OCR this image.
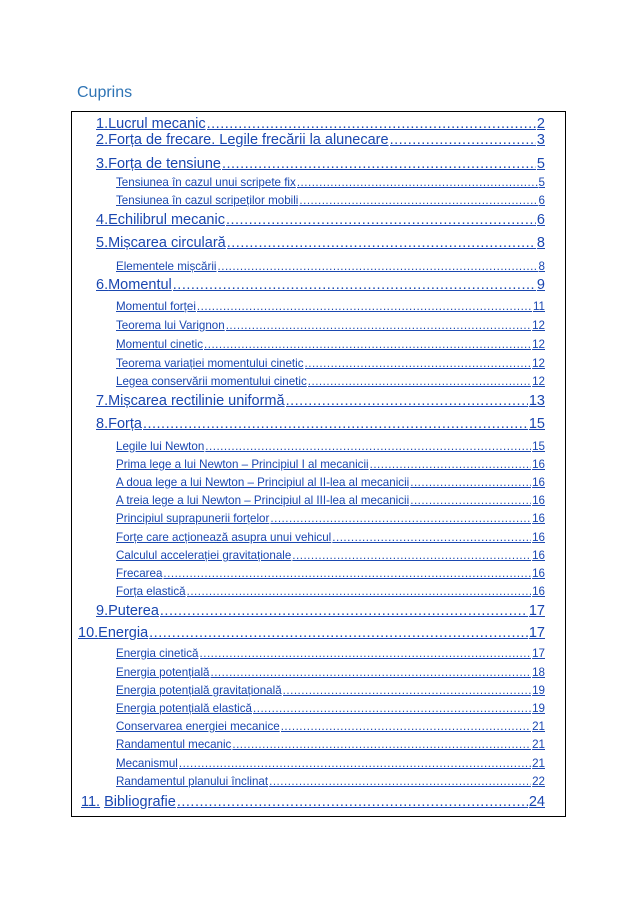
Cuprins
1. Lucrul mecanic .....	2
2. Forța de frecare. Legile frecării la alunecare .....	3
3. Forța de tensiune .....	5
Tensiunea în cazul unui scripete fix .....	5
Tensiunea în cazul scripeților mobili .....	6
4. Echilibrul mecanic .....	6
5. Mișcarea circulară .....	8
Elementele mișcării .....	8
6. Momentul .....	9
Momentul forței .....	11
Teorema lui Varignon .....	12
Momentul cinetic .....	12
Teorema variației momentului cinetic .....	12
Legea conservării momentului cinetic .....	12
7. Mișcarea rectilinie uniformă .....	13
8. Forța .....	15
Legile lui Newton .....	15
Prima lege a lui Newton – Principiul I al mecanicii .....	16
A doua lege a lui Newton – Principiul al II-lea al mecanicii .....	16
A treia lege a lui Newton – Principiul al III-lea al mecanicii .....	16
Principiul suprapunerii forțelor .....	16
Forțe care acționează asupra unui vehicul .....	16
Calculul accelerației gravitaționale .....	16
Frecarea .....	16
Forța elastică .....	16
9. Puterea .....	17
10. Energia .....	17
Energia cinetică .....	17
Energia potențială .....	18
Energia potențială gravitațională .....	19
Energia potențială elastică .....	19
Conservarea energiei mecanice .....	21
Randamentul mecanic .....	21
Mecanismul .....	21
Randamentul planului înclinat .....	22
11. Bibliografie .....	24
